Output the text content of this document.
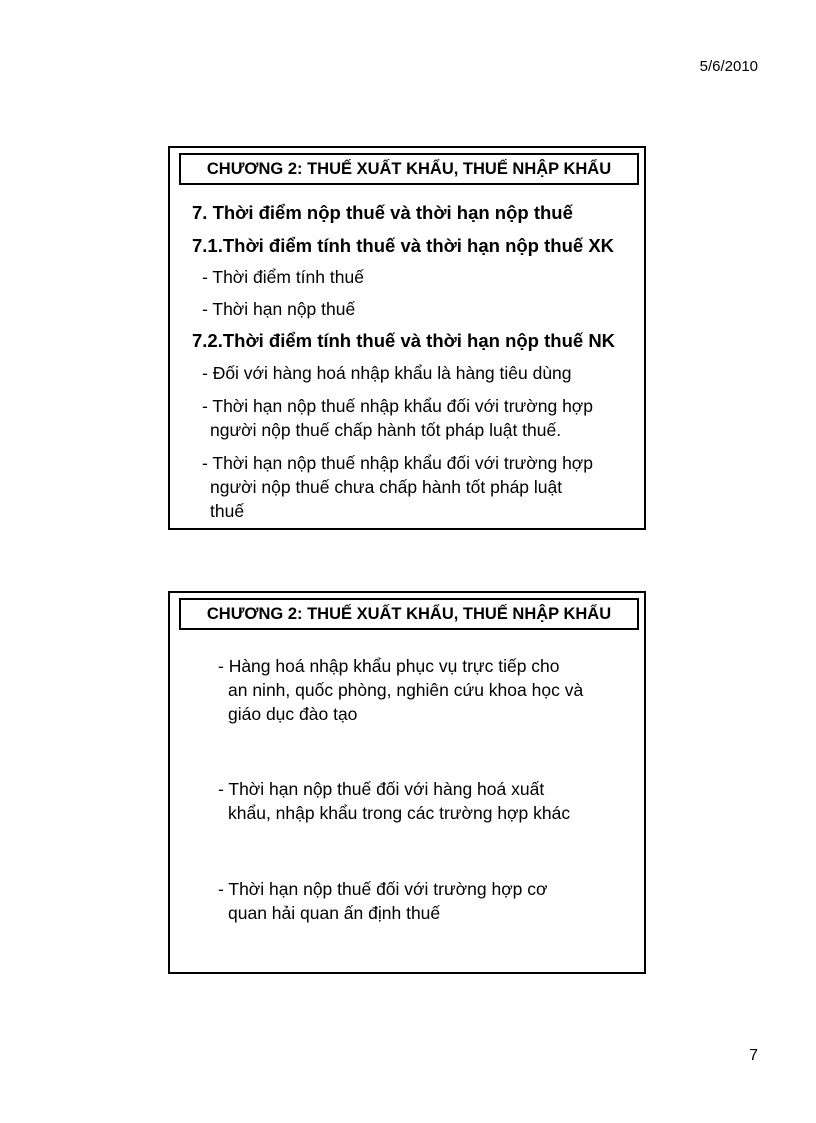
5/6/2010
CHƯƠNG 2: THUẾ XUẤT KHẨU, THUẾ NHẬP KHẨU
7. Thời điểm nộp thuế và thời hạn nộp thuế
7.1.Thời điểm tính thuế và thời hạn nộp thuế XK
- Thời điểm tính thuế
- Thời hạn nộp thuế
7.2.Thời điểm tính thuế và thời hạn nộp thuế NK
- Đối với hàng hoá nhập khẩu là hàng tiêu dùng
- Thời hạn nộp thuế nhập khẩu đối với trường hợp
người nộp thuế chấp hành tốt pháp luật thuế.
- Thời hạn nộp thuế nhập khẩu đối với trường hợp
người nộp thuế chưa chấp hành tốt pháp luật
thuế
CHƯƠNG 2: THUẾ XUẤT KHẨU, THUẾ NHẬP KHẨU
- Hàng hoá nhập khẩu phục vụ trực tiếp cho
an ninh, quốc phòng, nghiên cứu khoa học và
giáo dục đào tạo
- Thời hạn nộp thuế đối với hàng hoá xuất
khẩu, nhập khẩu trong các trường hợp khác
- Thời hạn nộp thuế đối với trường hợp cơ
quan hải quan ấn định thuế
7
